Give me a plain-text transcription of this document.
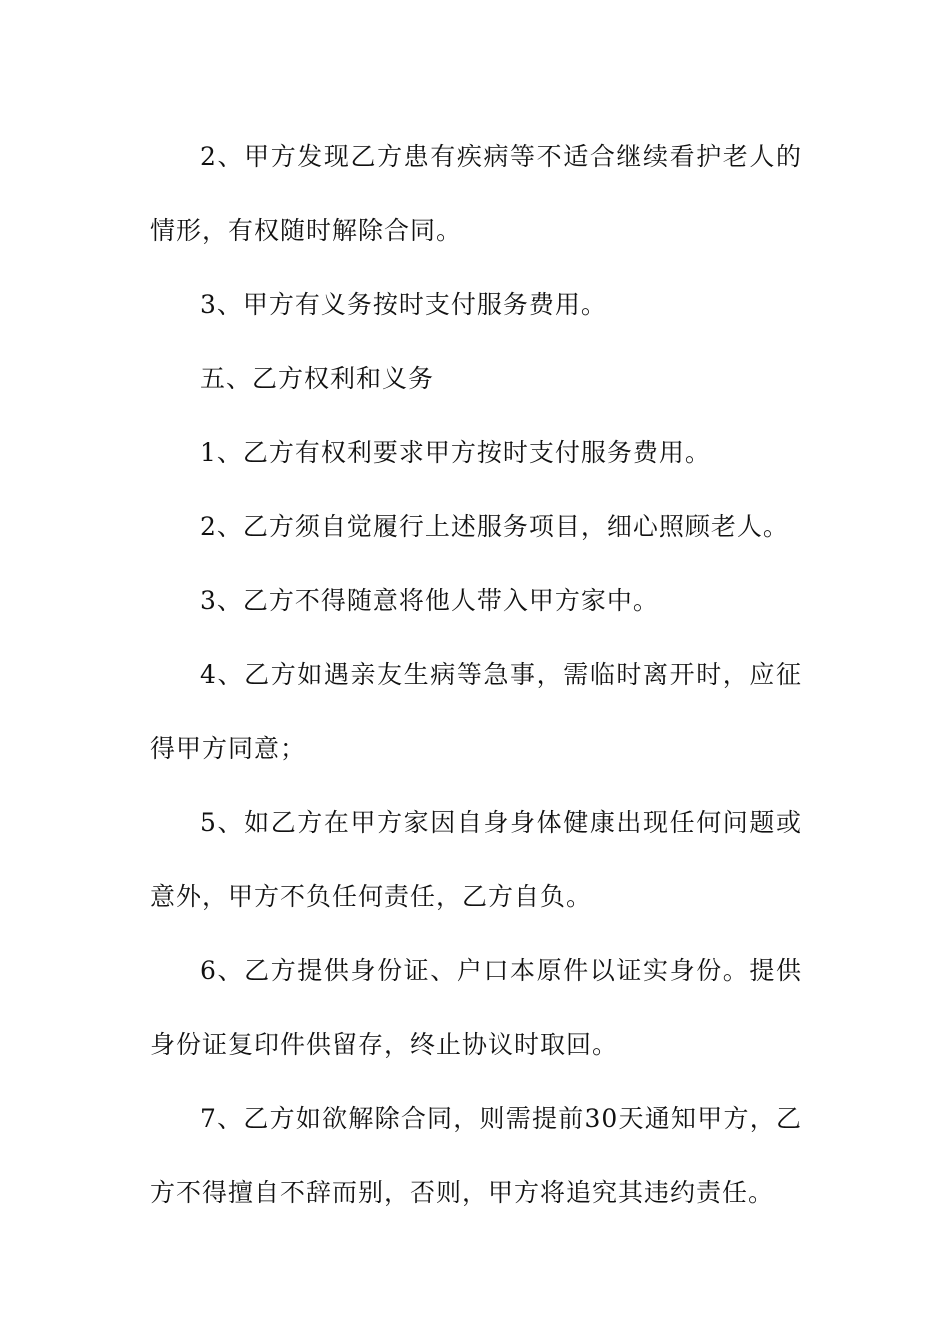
2、甲方发现乙方患有疾病等不适合继续看护老人的情形，有权随时解除合同。

3、甲方有义务按时支付服务费用。

五、乙方权利和义务

1、乙方有权利要求甲方按时支付服务费用。

2、乙方须自觉履行上述服务项目，细心照顾老人。

3、乙方不得随意将他人带入甲方家中。

4、乙方如遇亲友生病等急事，需临时离开时，应征得甲方同意；

5、如乙方在甲方家因自身身体健康出现任何问题或意外，甲方不负任何责任，乙方自负。

6、乙方提供身份证、户口本原件以证实身份。提供身份证复印件供留存，终止协议时取回。

7、乙方如欲解除合同，则需提前30天通知甲方，乙方不得擅自不辞而别，否则，甲方将追究其违约责任。
